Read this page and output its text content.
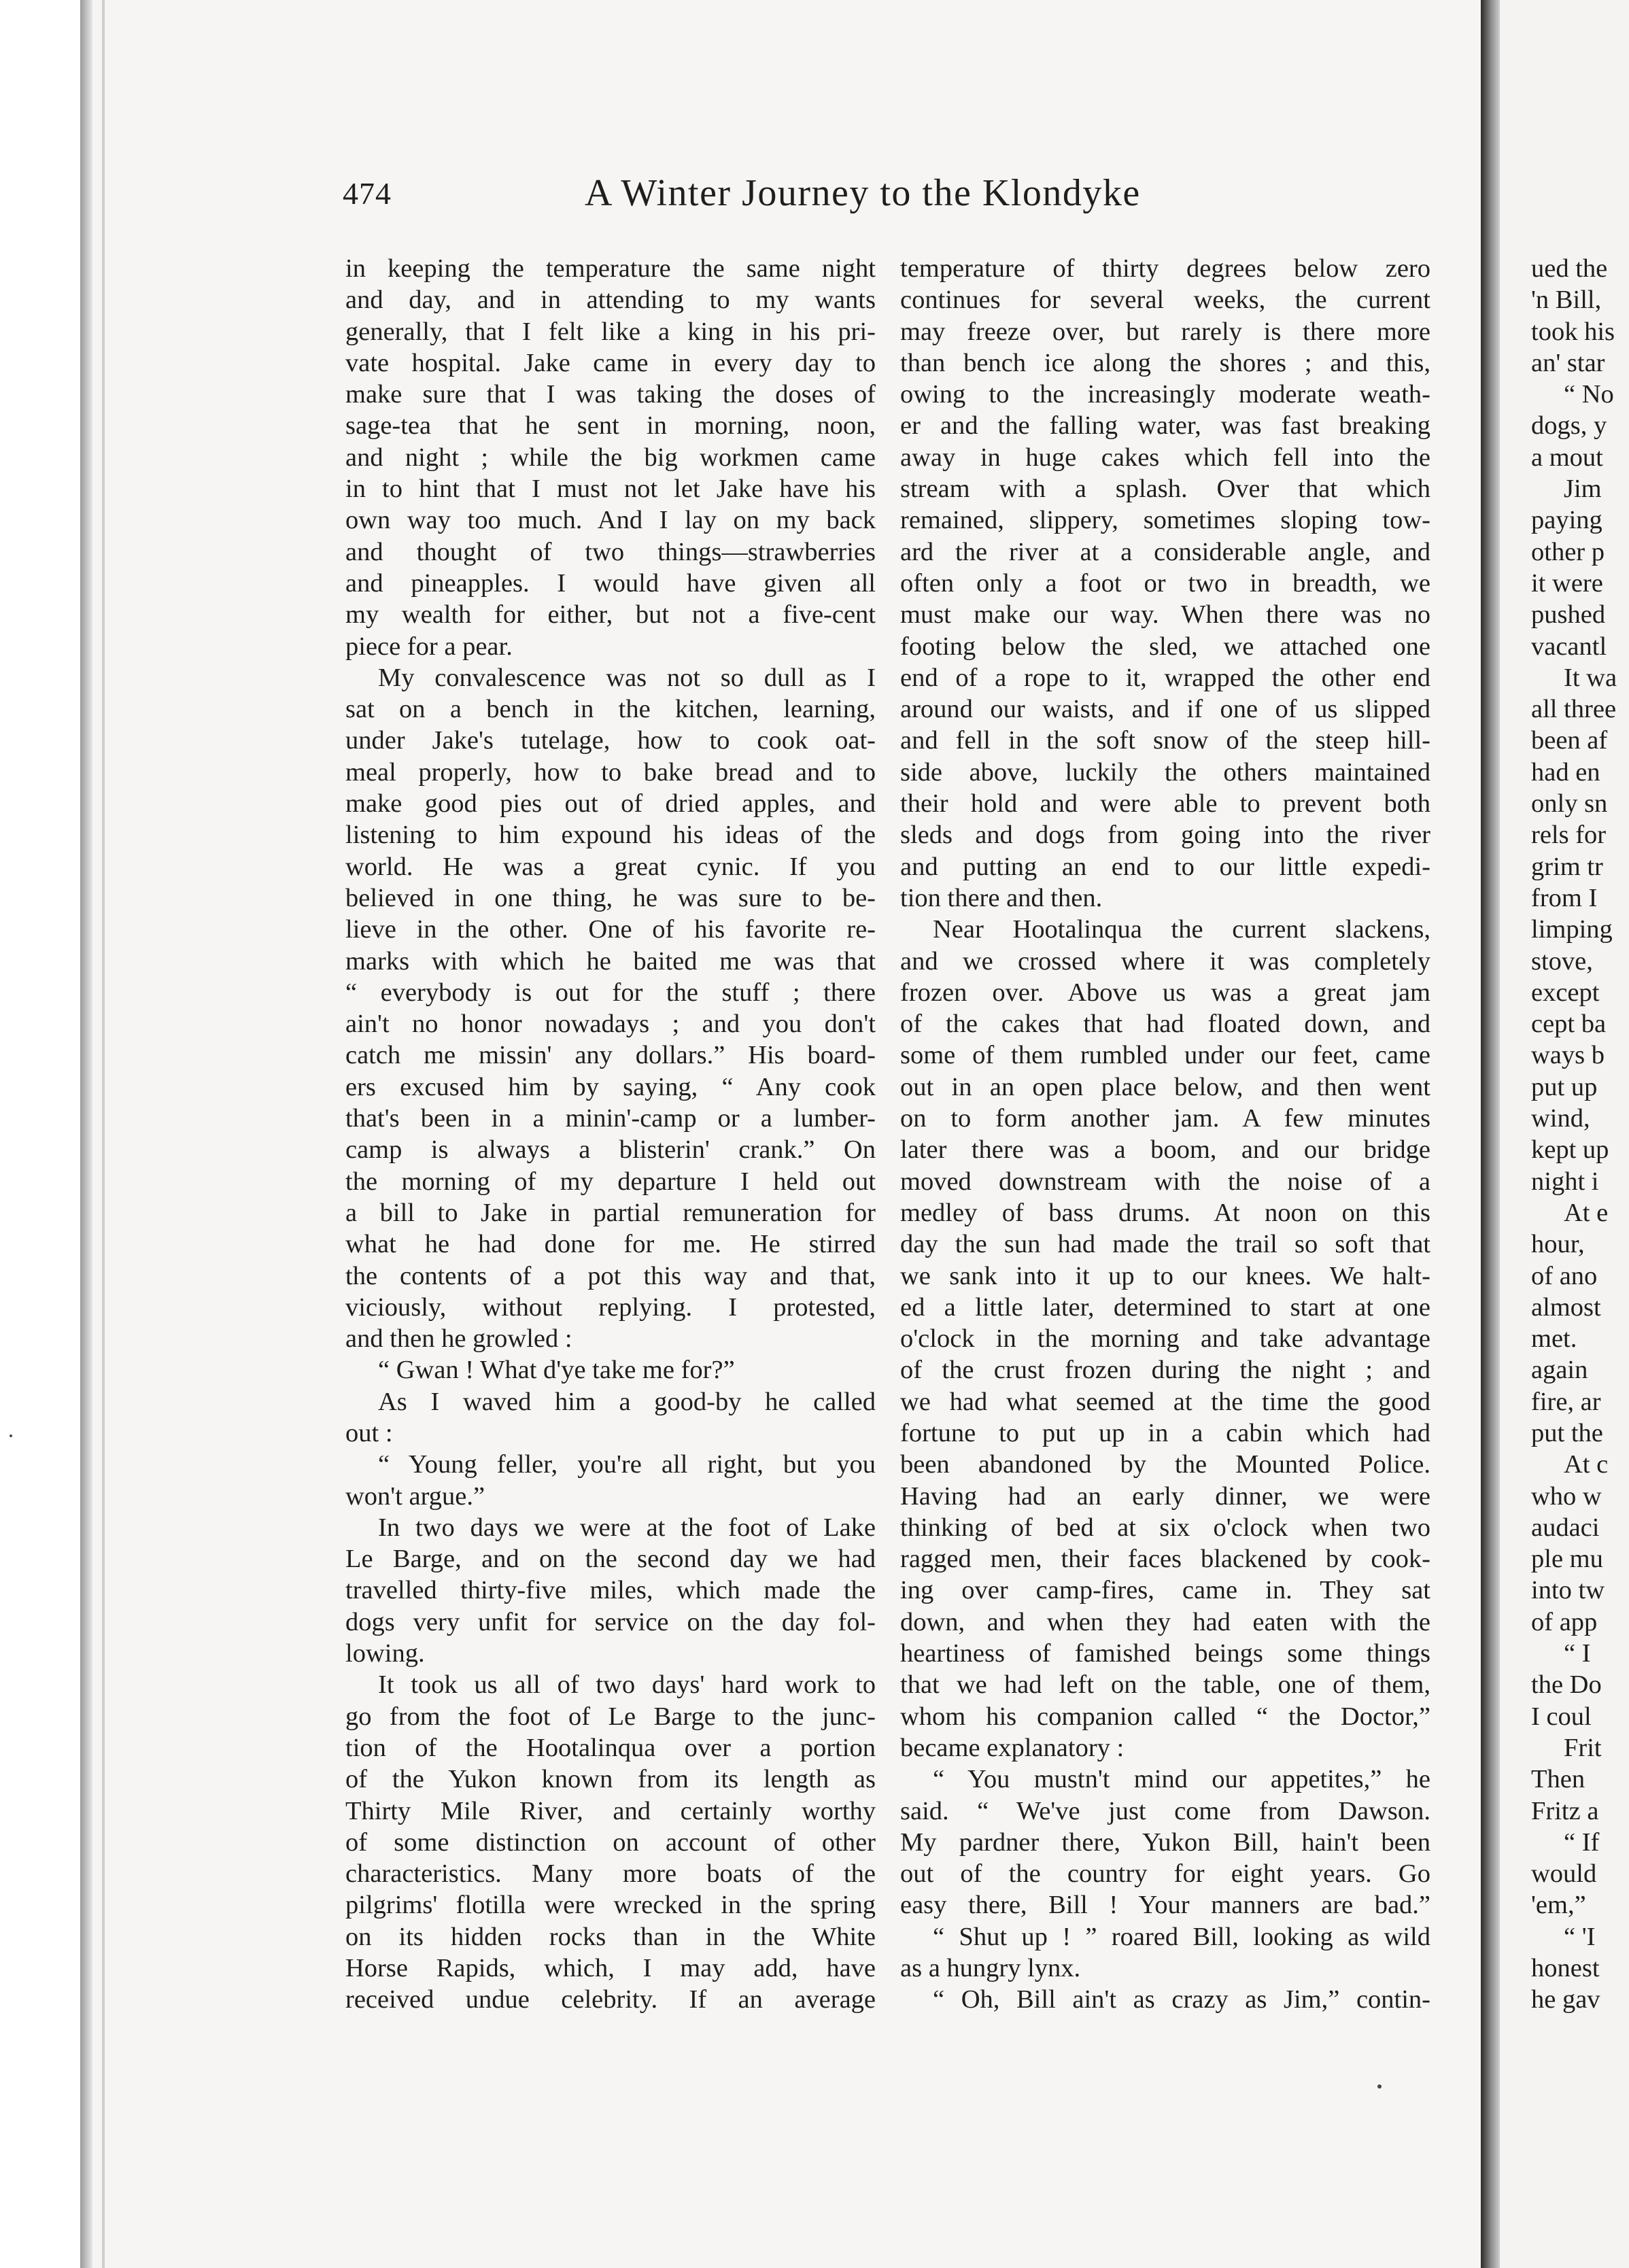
474	A Winter Journey to the Klondyke

in keeping the temperature the same night

and day, and in attending to my wants

generally, that I felt like a king in his pri-

vate hospital. Jake came in every day to

make sure that I was taking the doses of

sage-tea that he sent in morning, noon,

and night ; while the big workmen came

in to hint that I must not let Jake have his

own way too much. And I lay on my back

and thought of two things—strawberries

and pineapples. I would have given all

my wealth for either, but not a five-cent

piece for a pear.

My convalescence was not so dull as I

sat on a bench in the kitchen, learning,

under Jake's tutelage, how to cook oat-

meal properly, how to bake bread and to

make good pies out of dried apples, and

listening to him expound his ideas of the

world. He was a great cynic. If you

believed in one thing, he was sure to be-

lieve in the other. One of his favorite re-

marks with which he baited me was that

“ everybody is out for the stuff ; there

ain't no honor nowadays ; and you don't

catch me missin' any dollars.” His board-

ers excused him by saying, “ Any cook

that's been in a minin'-camp or a lumber-

camp is always a blisterin' crank.” On

the morning of my departure I held out

a bill to Jake in partial remuneration for

what he had done for me. He stirred

the contents of a pot this way and that,

viciously, without replying. I protested,

and then he growled :

“ Gwan ! What d'ye take me for?”

As I waved him a good-by he called

out :

“ Young feller, you're all right, but you

won't argue.”

In two days we were at the foot of Lake

Le Barge, and on the second day we had

travelled thirty-five miles, which made the

dogs very unfit for service on the day fol-

lowing.

It took us all of two days' hard work to

go from the foot of Le Barge to the junc-

tion of the Hootalinqua over a portion

of the Yukon known from its length as

Thirty Mile River, and certainly worthy

of some distinction on account of other

characteristics. Many more boats of the

pilgrims' flotilla were wrecked in the spring

on its hidden rocks than in the White

Horse Rapids, which, I may add, have

received undue celebrity. If an average

temperature of thirty degrees below zero

continues for several weeks, the current

may freeze over, but rarely is there more

than bench ice along the shores ; and this,

owing to the increasingly moderate weath-

er and the falling water, was fast breaking

away in huge cakes which fell into the

stream with a splash. Over that which

remained, slippery, sometimes sloping tow-

ard the river at a considerable angle, and

often only a foot or two in breadth, we

must make our way. When there was no

footing below the sled, we attached one

end of a rope to it, wrapped the other end

around our waists, and if one of us slipped

and fell in the soft snow of the steep hill-

side above, luckily the others maintained

their hold and were able to prevent both

sleds and dogs from going into the river

and putting an end to our little expedi-

tion there and then.

Near Hootalinqua the current slackens,

and we crossed where it was completely

frozen over. Above us was a great jam

of the cakes that had floated down, and

some of them rumbled under our feet, came

out in an open place below, and then went

on to form another jam. A few minutes

later there was a boom, and our bridge

moved downstream with the noise of a

medley of bass drums. At noon on this

day the sun had made the trail so soft that

we sank into it up to our knees. We halt-

ed a little later, determined to start at one

o'clock in the morning and take advantage

of the crust frozen during the night ; and

we had what seemed at the time the good

fortune to put up in a cabin which had

been abandoned by the Mounted Police.

Having had an early dinner, we were

thinking of bed at six o'clock when two

ragged men, their faces blackened by cook-

ing over camp-fires, came in. They sat

down, and when they had eaten with the

heartiness of famished beings some things

that we had left on the table, one of them,

whom his companion called “ the Doctor,”

became explanatory :

“ You mustn't mind our appetites,” he

said. “ We've just come from Dawson.

My pardner there, Yukon Bill, hain't been

out of the country for eight years. Go

easy there, Bill ! Your manners are bad.”

“ Shut up ! ” roared Bill, looking as wild

as a hungry lynx.

“ Oh, Bill ain't as crazy as Jim,” contin-

ued the
'n Bill,
took his
an' star
“ No
dogs, y
a mout
Jim
paying
other p
it were
pushed
vacantl
It wa
all three
been af
had en
only sn
rels for
grim tr
from I
limping
stove,
except
cept ba
ways b
put up
wind,
kept up
night i
At e
hour,
of ano
almost
met.
again
fire, ar
put the
At c
who w
audaci
ple mu
into tw
of app
“ I
the Do
I coul
Frit
Then
Fritz a
“ If
would
'em,”
“ 'I
honest
he gav
